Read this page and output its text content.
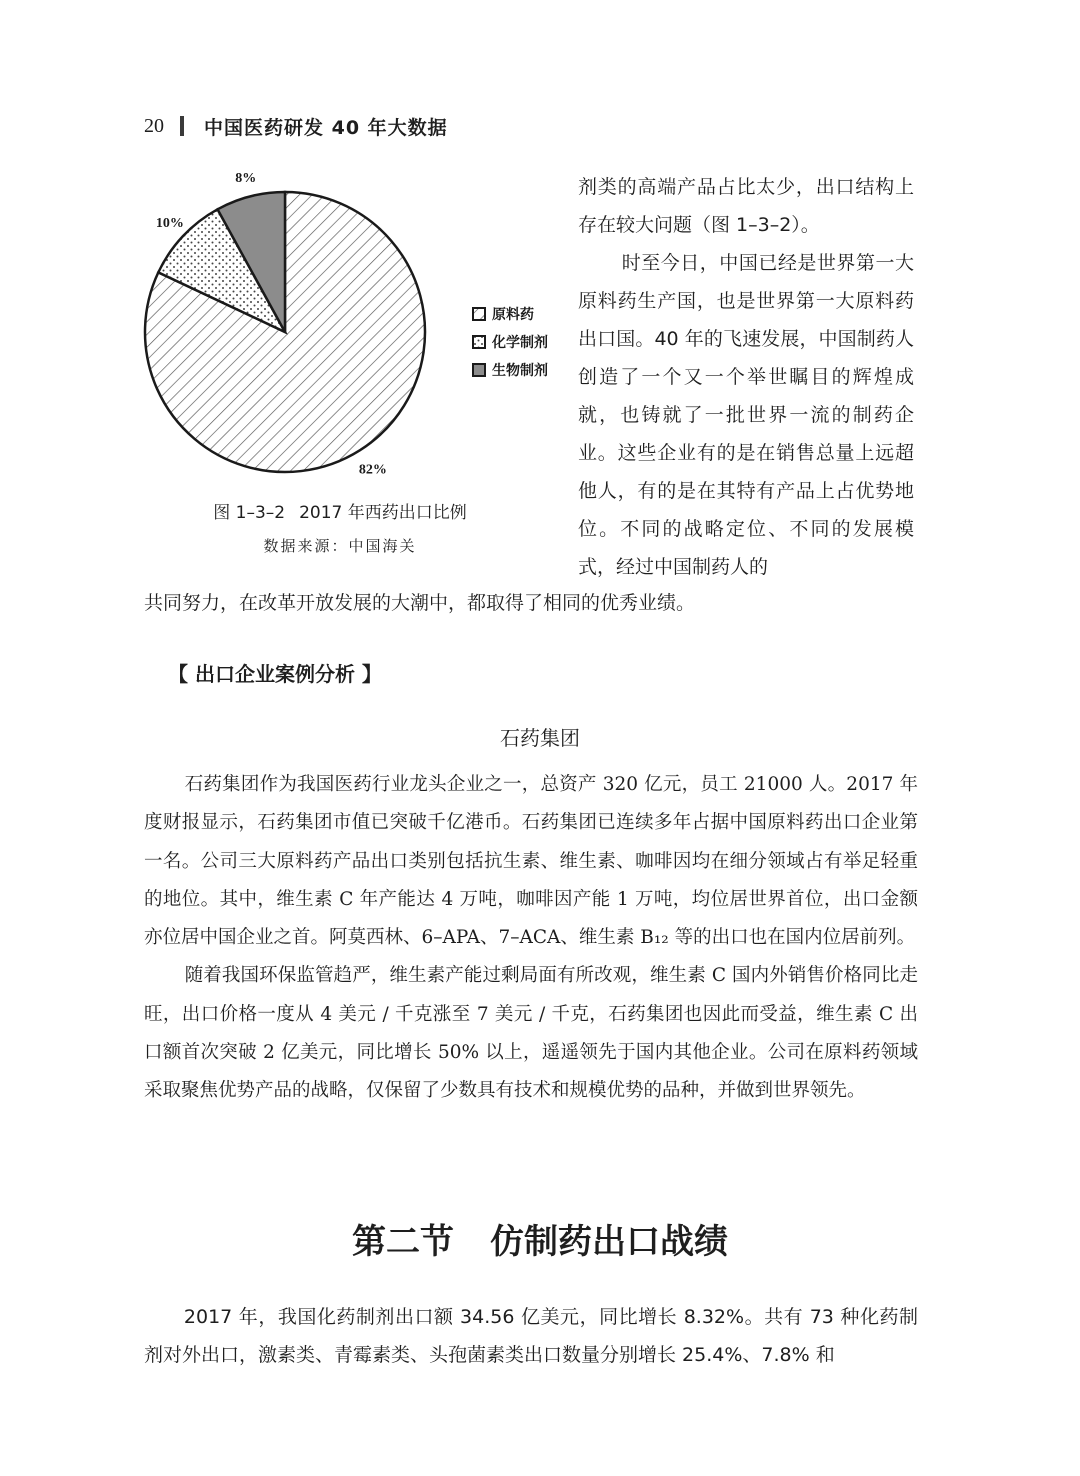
20	中国医药研发 40 年大数据
82%
10%
8%
原料药
化学制剂
生物制剂
图 1–3–2 2017 年西药出口比例
数据来源：中国海关

剂类的高端产品占比太少，出口结构上存在较大问题（图 1–3–2）。

时至今日，中国已经是世界第一大原料药生产国，也是世界第一大原料药出口国。40 年的飞速发展，中国制药人创造了一个又一个举世瞩目的辉煌成就，也铸就了一批世界一流的制药企业。这些企业有的是在销售总量上远超他人，有的是在其特有产品上占优势地位。不同的战略定位、不同的发展模式，经过中国制药人的

共同努力，在改革开放发展的大潮中，都取得了相同的优秀业绩。

【 出口企业案例分析 】
石药集团

石药集团作为我国医药行业龙头企业之一，总资产 320 亿元，员工 21000 人。2017 年度财报显示，石药集团市值已突破千亿港币。石药集团已连续多年占据中国原料药出口企业第一名。公司三大原料药产品出口类别包括抗生素、维生素、咖啡因均在细分领域占有举足轻重的地位。其中，维生素 C 年产能达 4 万吨，咖啡因产能 1 万吨，均位居世界首位，出口金额亦位居中国企业之首。阿莫西林、6–APA、7–ACA、维生素 B₁₂ 等的出口也在国内位居前列。

随着我国环保监管趋严，维生素产能过剩局面有所改观，维生素 C 国内外销售价格同比走旺，出口价格一度从 4 美元 / 千克涨至 7 美元 / 千克，石药集团也因此而受益，维生素 C 出口额首次突破 2 亿美元，同比增长 50% 以上，遥遥领先于国内其他企业。公司在原料药领域采取聚焦优势产品的战略，仅保留了少数具有技术和规模优势的品种，并做到世界领先。

第二节 仿制药出口战绩

2017 年，我国化药制剂出口额 34.56 亿美元，同比增长 8.32%。共有 73 种化药制剂对外出口，激素类、青霉素类、头孢菌素类出口数量分别增长 25.4%、7.8% 和
